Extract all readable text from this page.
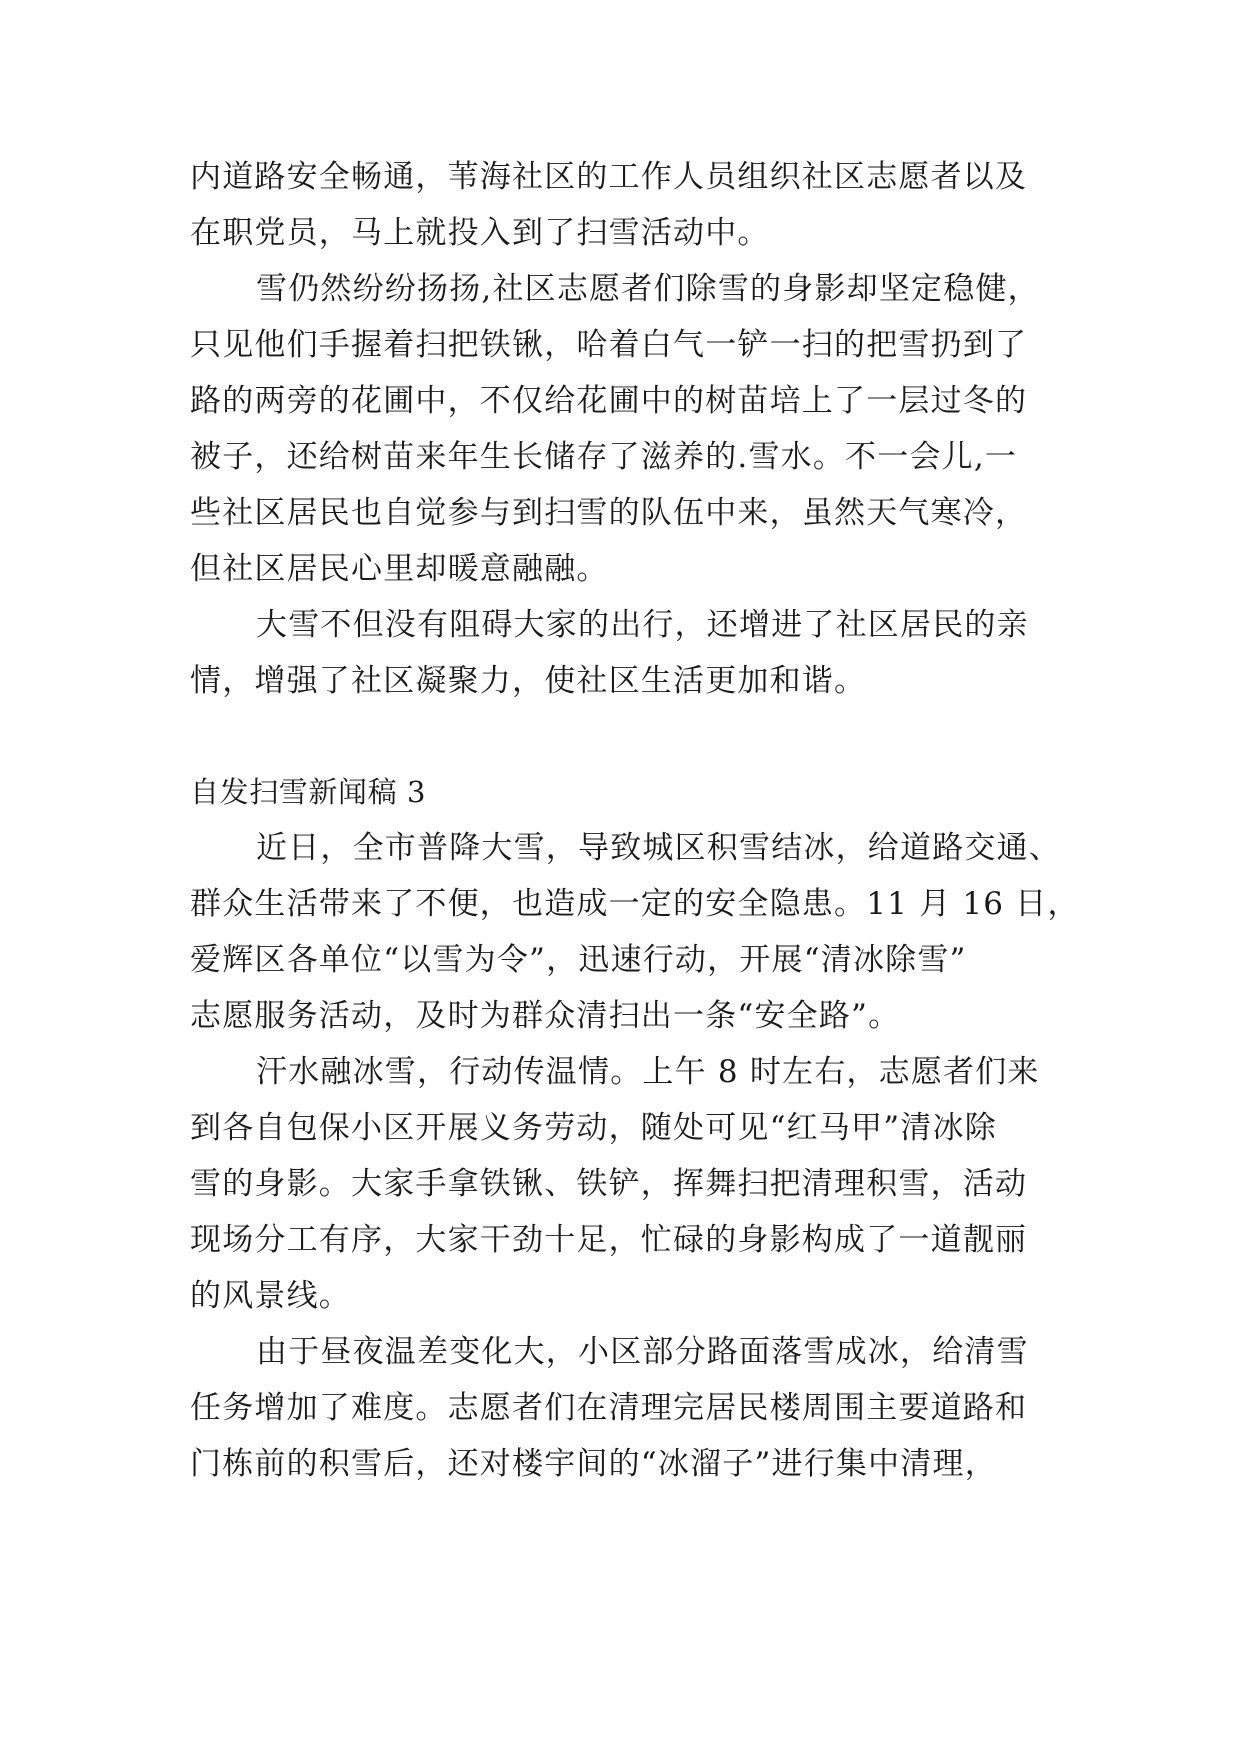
内道路安全畅通，苇海社区的工作人员组织社区志愿者以及
在职党员，马上就投入到了扫雪活动中。
雪仍然纷纷扬扬,社区志愿者们除雪的身影却坚定稳健，
只见他们手握着扫把铁锹，哈着白气一铲一扫的把雪扔到了
路的两旁的花圃中，不仅给花圃中的树苗培上了一层过冬的
被子，还给树苗来年生长储存了滋养的.雪水。不一会儿,一
些社区居民也自觉参与到扫雪的队伍中来，虽然天气寒冷，
但社区居民心里却暖意融融。
大雪不但没有阻碍大家的出行，还增进了社区居民的亲
情，增强了社区凝聚力，使社区生活更加和谐。
自发扫雪新闻稿 3
近日，全市普降大雪，导致城区积雪结冰，给道路交通、
群众生活带来了不便，也造成一定的安全隐患。11 月 16 日，
爱辉区各单位“以雪为令”，迅速行动，开展“清冰除雪”
志愿服务活动，及时为群众清扫出一条“安全路”。
汗水融冰雪，行动传温情。上午 8 时左右，志愿者们来
到各自包保小区开展义务劳动，随处可见“红马甲”清冰除
雪的身影。大家手拿铁锹、铁铲，挥舞扫把清理积雪，活动
现场分工有序，大家干劲十足，忙碌的身影构成了一道靓丽
的风景线。
由于昼夜温差变化大，小区部分路面落雪成冰，给清雪
任务增加了难度。志愿者们在清理完居民楼周围主要道路和
门栋前的积雪后，还对楼宇间的“冰溜子”进行集中清理，
